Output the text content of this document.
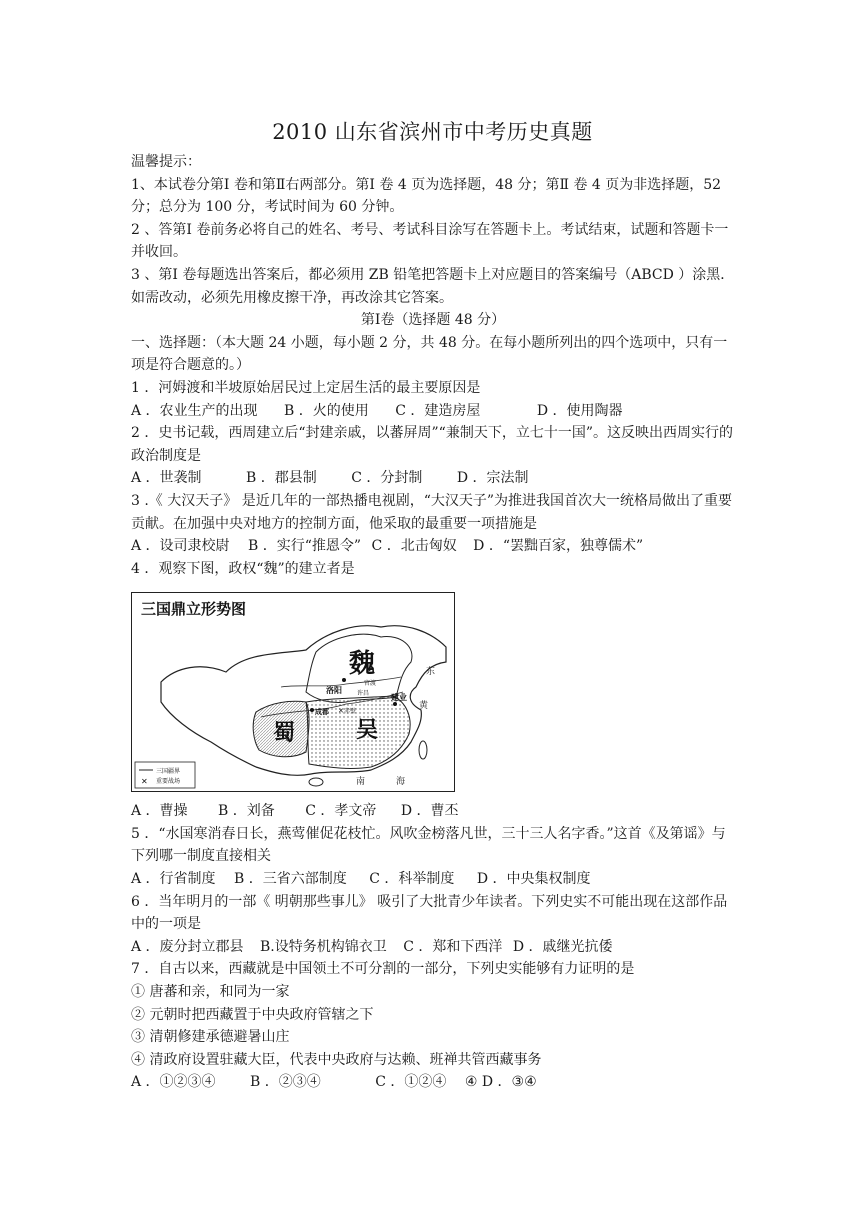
2010 山东省滨州市中考历史真题

温馨提示：

1、本试卷分第Ⅰ 卷和第Ⅱ右两部分。第Ⅰ 卷 4 页为选择题，48 分；第Ⅱ 卷 4 页为非选择题，52 分；总分为 100 分，考试时间为 60 分钟。

2 、答第Ⅰ 卷前务必将自己的姓名、考号、考试科目涂写在答题卡上。考试结束，试题和答题卡一并收回。

3 、第Ⅰ 卷每题选出答案后，都必须用 ZB 铅笔把答题卡上对应题目的答案编号（ABCD ）涂黑．如需改动，必须先用橡皮擦干净，再改涂其它答案。

第Ⅰ卷（选择题 48 分）

一、选择题：（本大题 24 小题，每小题 2 分，共 48 分。在每小题所列出的四个选项中，只有一项是符合题意的。）

1 ．河姆渡和半坡原始居民过上定居生活的最主要原因是

A ．农业生产的出现 B ．火的使用 C ．建造房屋	D ．使用陶器

2 ．史书记载，西周建立后“封建亲戚，以蕃屏周”“兼制天下，立七十一国”。这反映出西周实行的政治制度是

A ．世袭制	B ．郡县制 C ．分封制 D ．宗法制

3 .《 大汉天子》 是近几年的一部热播电视剧，“大汉天子”为推进我国首次大一统格局做出了重要贡献。在加强中央对地方的控制方面，他采取的最重要一项措施是

A ．设司隶校尉 B ．实行“推恩令” C ．北击匈奴 D ．“罢黜百家，独尊儒术”

4 ．观察下图，政权“魏”的建立者是

三国鼎立形势图
魏
蜀	吴
洛阳
官渡
许昌	建业
赤壁
✕
成都
黄
东
南	海
三国疆界
✕ 重要战场

A ．曹操 B ．刘备 C ．孝文帝 D ．曹丕

5 ．“水国寒消春日长，燕莺催促花枝忙。风吹金榜落凡世，三十三人名字香。”这首《及第谣》与下列哪一制度直接相关

A ．行省制度 B ．三省六部制度 C ．科举制度 D ．中央集权制度

6 ．当年明月的一部《 明朝那些事儿》 吸引了大批青少年读者。下列史实不可能出现在这部作品中的一项是

A ．废分封立郡县 B.设特务机构锦衣卫 C ．郑和下西洋 D ．戚继光抗倭

7 ．自古以来，西藏就是中国领土不可分割的一部分，下列史实能够有力证明的是

① 唐蕃和亲，和同为一家

② 元朝时把西藏置于中央政府管辖之下

③ 清朝修建承德避暑山庄

④ 清政府设置驻藏大臣，代表中央政府与达赖、班禅共管西藏事务

A ．①②③④ B ．②③④	C ．①②④ ④ D ．③④
